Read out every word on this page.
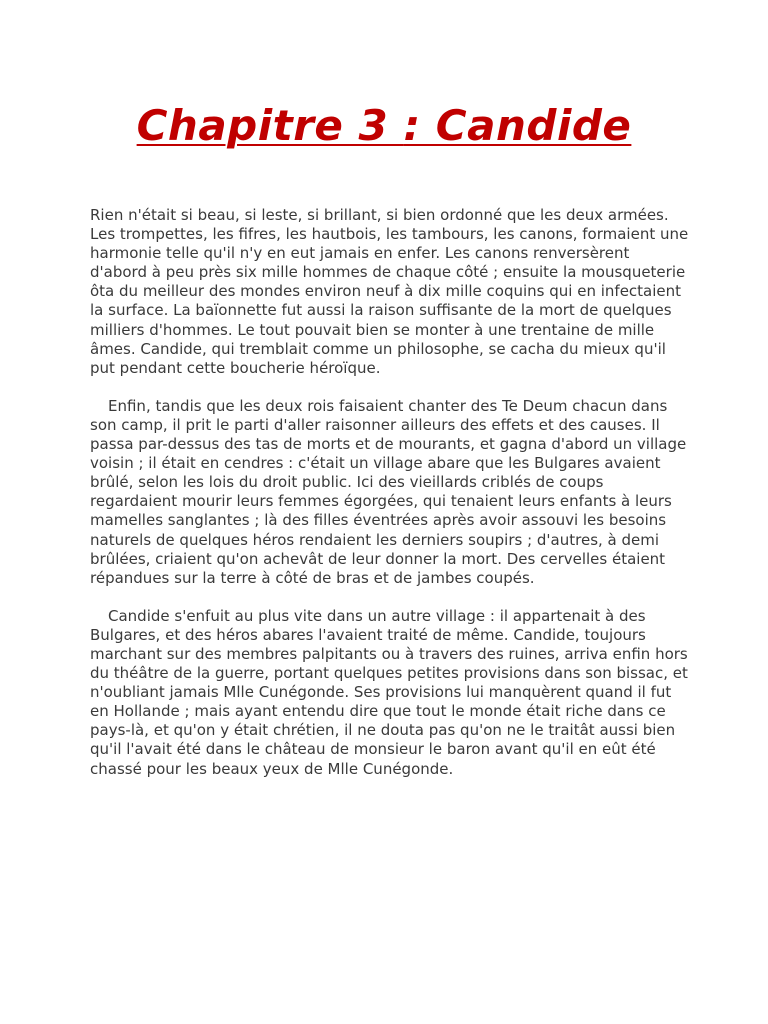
Chapitre 3 : Candide

Rien n'était si beau, si leste, si brillant, si bien ordonné que les deux armées. Les trompettes, les fifres, les hautbois, les tambours, les canons, formaient une harmonie telle qu'il n'y en eut jamais en enfer. Les canons renversèrent d'abord à peu près six mille hommes de chaque côté ; ensuite la mousqueterie ôta du meilleur des mondes environ neuf à dix mille coquins qui en infectaient la surface. La baïonnette fut aussi la raison suffisante de la mort de quelques milliers d'hommes. Le tout pouvait bien se monter à une trentaine de mille âmes. Candide, qui tremblait comme un philosophe, se cacha du mieux qu'il put pendant cette boucherie héroïque.

Enfin, tandis que les deux rois faisaient chanter des Te Deum chacun dans son camp, il prit le parti d'aller raisonner ailleurs des effets et des causes. Il passa par-dessus des tas de morts et de mourants, et gagna d'abord un village voisin ; il était en cendres : c'était un village abare que les Bulgares avaient brûlé, selon les lois du droit public. Ici des vieillards criblés de coups regardaient mourir leurs femmes égorgées, qui tenaient leurs enfants à leurs mamelles sanglantes ; là des filles éventrées après avoir assouvi les besoins naturels de quelques héros rendaient les derniers soupirs ; d'autres, à demi brûlées, criaient qu'on achevât de leur donner la mort. Des cervelles étaient répandues sur la terre à côté de bras et de jambes coupés.

Candide s'enfuit au plus vite dans un autre village : il appartenait à des Bulgares, et des héros abares l'avaient traité de même. Candide, toujours marchant sur des membres palpitants ou à travers des ruines, arriva enfin hors du théâtre de la guerre, portant quelques petites provisions dans son bissac, et n'oubliant jamais Mlle Cunégonde. Ses provisions lui manquèrent quand il fut en Hollande ; mais ayant entendu dire que tout le monde était riche dans ce pays-là, et qu'on y était chrétien, il ne douta pas qu'on ne le traitât aussi bien qu'il l'avait été dans le château de monsieur le baron avant qu'il en eût été chassé pour les beaux yeux de Mlle Cunégonde.
